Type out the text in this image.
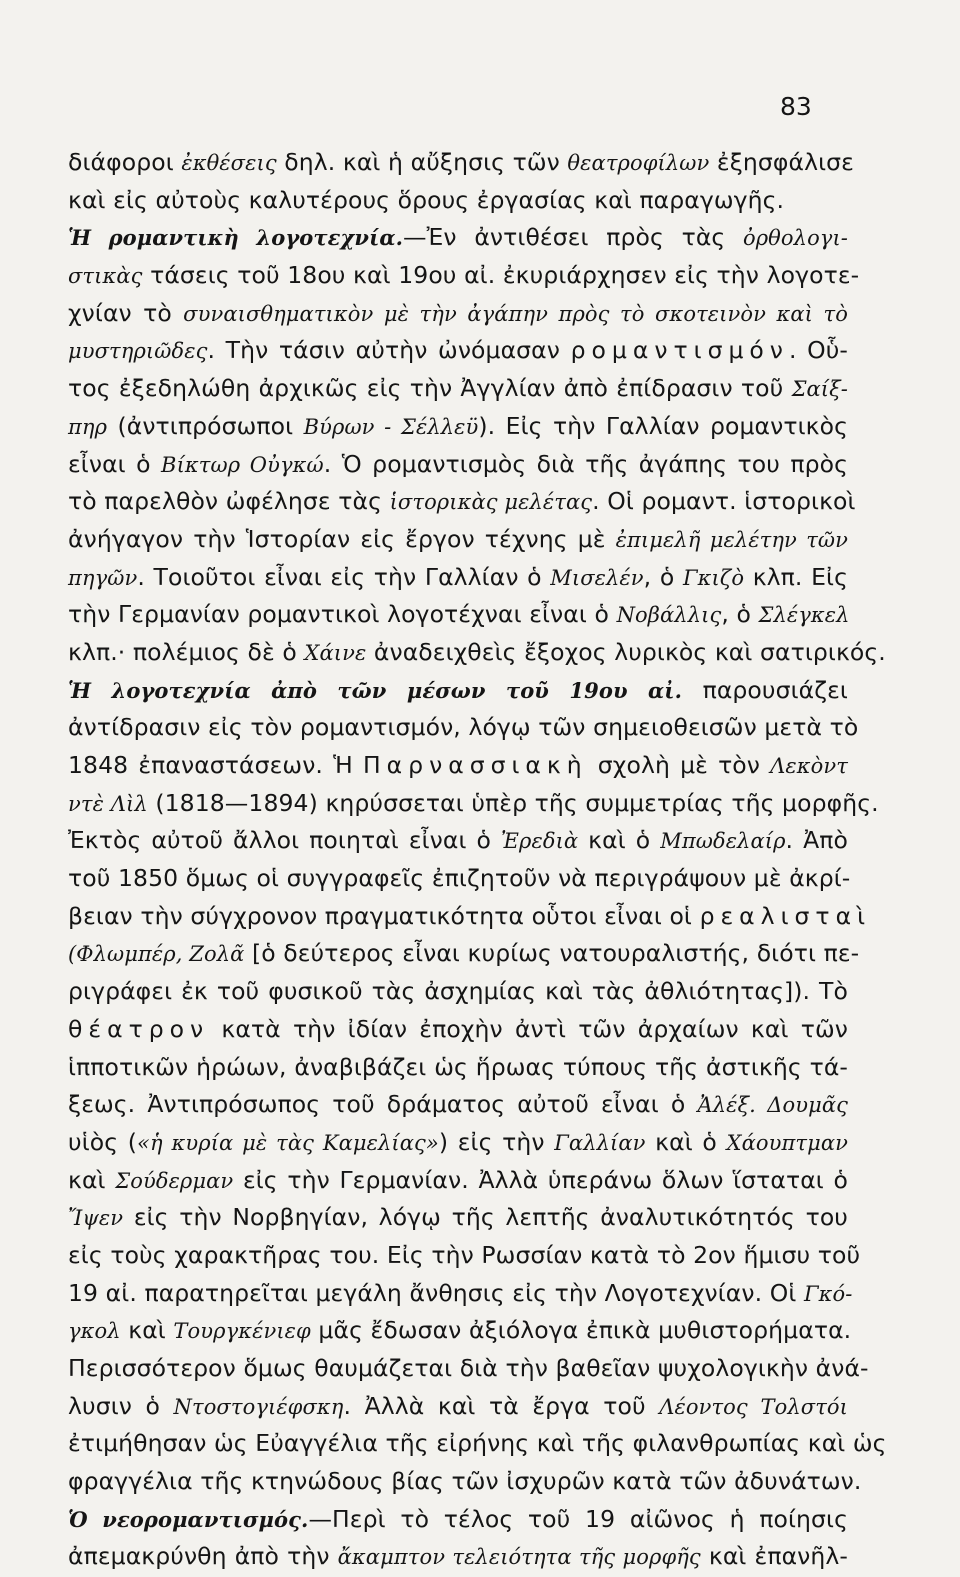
83
διάφοροι ἐκθέσεις δηλ. καὶ ἡ αὔξησις τῶν θεατροφίλων ἐξησφάλισε
καὶ εἰς αὐτοὺς καλυτέρους ὅρους ἐργασίας καὶ παραγωγῆς.
Ἡ ρομαντικὴ λογοτεχνία.—Ἐν ἀντιθέσει πρὸς τὰς ὀρθολογι-
στικὰς τάσεις τοῦ 18ου καὶ 19ου αἰ. ἐκυριάρχησεν εἰς τὴν λογοτε-
χνίαν τὸ συναισθηματικὸν μὲ τὴν ἀγάπην πρὸς τὸ σκοτεινὸν καὶ τὸ
μυστηριῶδες. Τὴν τάσιν αὐτὴν ὠνόμασαν ρομαντισμόν. Οὗ-
τος ἐξεδηλώθη ἀρχικῶς εἰς τὴν Ἀγγλίαν ἀπὸ ἐπίδρασιν τοῦ Σαίξ-
πηρ (ἀντιπρόσωποι Βύρων - Σέλλεϋ). Εἰς τὴν Γαλλίαν ρομαντικὸς
εἶναι ὁ Βίκτωρ Οὐγκώ. Ὁ ρομαντισμὸς διὰ τῆς ἀγάπης του πρὸς
τὸ παρελθὸν ὠφέλησε τὰς ἱστορικὰς μελέτας. Οἱ ρομαντ. ἱστορικοὶ
ἀνήγαγον τὴν Ἱστορίαν εἰς ἔργον τέχνης μὲ ἐπιμελῆ μελέτην τῶν
πηγῶν. Τοιοῦτοι εἶναι εἰς τὴν Γαλλίαν ὁ Μισελέν, ὁ Γκιζὸ κλπ. Εἰς
τὴν Γερμανίαν ρομαντικοὶ λογοτέχναι εἶναι ὁ Νοβάλλις, ὁ Σλέγκελ
κλπ.· πολέμιος δὲ ὁ Χάινε ἀναδειχθεὶς ἔξοχος λυρικὸς καὶ σατιρικός.
Ἡ λογοτεχνία ἀπὸ τῶν μέσων τοῦ 19ου αἰ. παρουσιάζει
ἀντίδρασιν εἰς τὸν ρομαντισμόν, λόγῳ τῶν σημειοθεισῶν μετὰ τὸ
1848 ἐπαναστάσεων. Ἡ Παρνασσιακὴ σχολὴ μὲ τὸν Λεκὸντ
ντὲ Λὶλ (1818—1894) κηρύσσεται ὑπὲρ τῆς συμμετρίας τῆς μορφῆς.
Ἐκτὸς αὐτοῦ ἄλλοι ποιηταὶ εἶναι ὁ Ἐρεδιὰ καὶ ὁ Μπωδελαίρ. Ἀπὸ
τοῦ 1850 ὅμως οἱ συγγραφεῖς ἐπιζητοῦν νὰ περιγράψουν μὲ ἀκρί-
βειαν τὴν σύγχρονον πραγματικότητα οὗτοι εἶναι οἱ ρεαλισταὶ
(Φλωμπέρ, Ζολᾶ [ὁ δεύτερος εἶναι κυρίως νατουραλιστής, διότι πε-
ριγράφει ἐκ τοῦ φυσικοῦ τὰς ἀσχημίας καὶ τὰς ἀθλιότητας]). Τὸ
θέατρον κατὰ τὴν ἰδίαν ἐποχὴν ἀντὶ τῶν ἀρχαίων καὶ τῶν
ἱπποτικῶν ἡρώων, ἀναβιβάζει ὡς ἥρωας τύπους τῆς ἀστικῆς τά-
ξεως. Ἀντιπρόσωπος τοῦ δράματος αὐτοῦ εἶναι ὁ Ἀλέξ. Δουμᾶς
υἱὸς («ἡ κυρία μὲ τὰς Καμελίας») εἰς τὴν Γαλλίαν καὶ ὁ Χάουπτμαν
καὶ Σούδερμαν εἰς τὴν Γερμανίαν. Ἀλλὰ ὑπεράνω ὅλων ἵσταται ὁ
Ἴψεν εἰς τὴν Νορβηγίαν, λόγῳ τῆς λεπτῆς ἀναλυτικότητός του
εἰς τοὺς χαρακτῆρας του. Εἰς τὴν Ρωσσίαν κατὰ τὸ 2ον ἥμισυ τοῦ
19 αἰ. παρατηρεῖται μεγάλη ἄνθησις εἰς τὴν Λογοτεχνίαν. Οἱ Γκό-
γκολ καὶ Τουργκένιεφ μᾶς ἔδωσαν ἀξιόλογα ἐπικὰ μυθιστορήματα.
Περισσότερον ὅμως θαυμάζεται διὰ τὴν βαθεῖαν ψυχολογικὴν ἀνά-
λυσιν ὁ Ντοστογιέφσκη. Ἀλλὰ καὶ τὰ ἔργα τοῦ Λέοντος Τολστόι
ἐτιμήθησαν ὡς Εὐαγγέλια τῆς εἰρήνης καὶ τῆς φιλανθρωπίας καὶ ὡς
φραγγέλια τῆς κτηνώδους βίας τῶν ἰσχυρῶν κατὰ τῶν ἀδυνάτων.
Ὁ νεορομαντισμός.—Περὶ τὸ τέλος τοῦ 19 αἰῶνος ἡ ποίησις
ἀπεμακρύνθη ἀπὸ τὴν ἄκαμπτον τελειότητα τῆς μορφῆς καὶ ἐπανῆλ-
